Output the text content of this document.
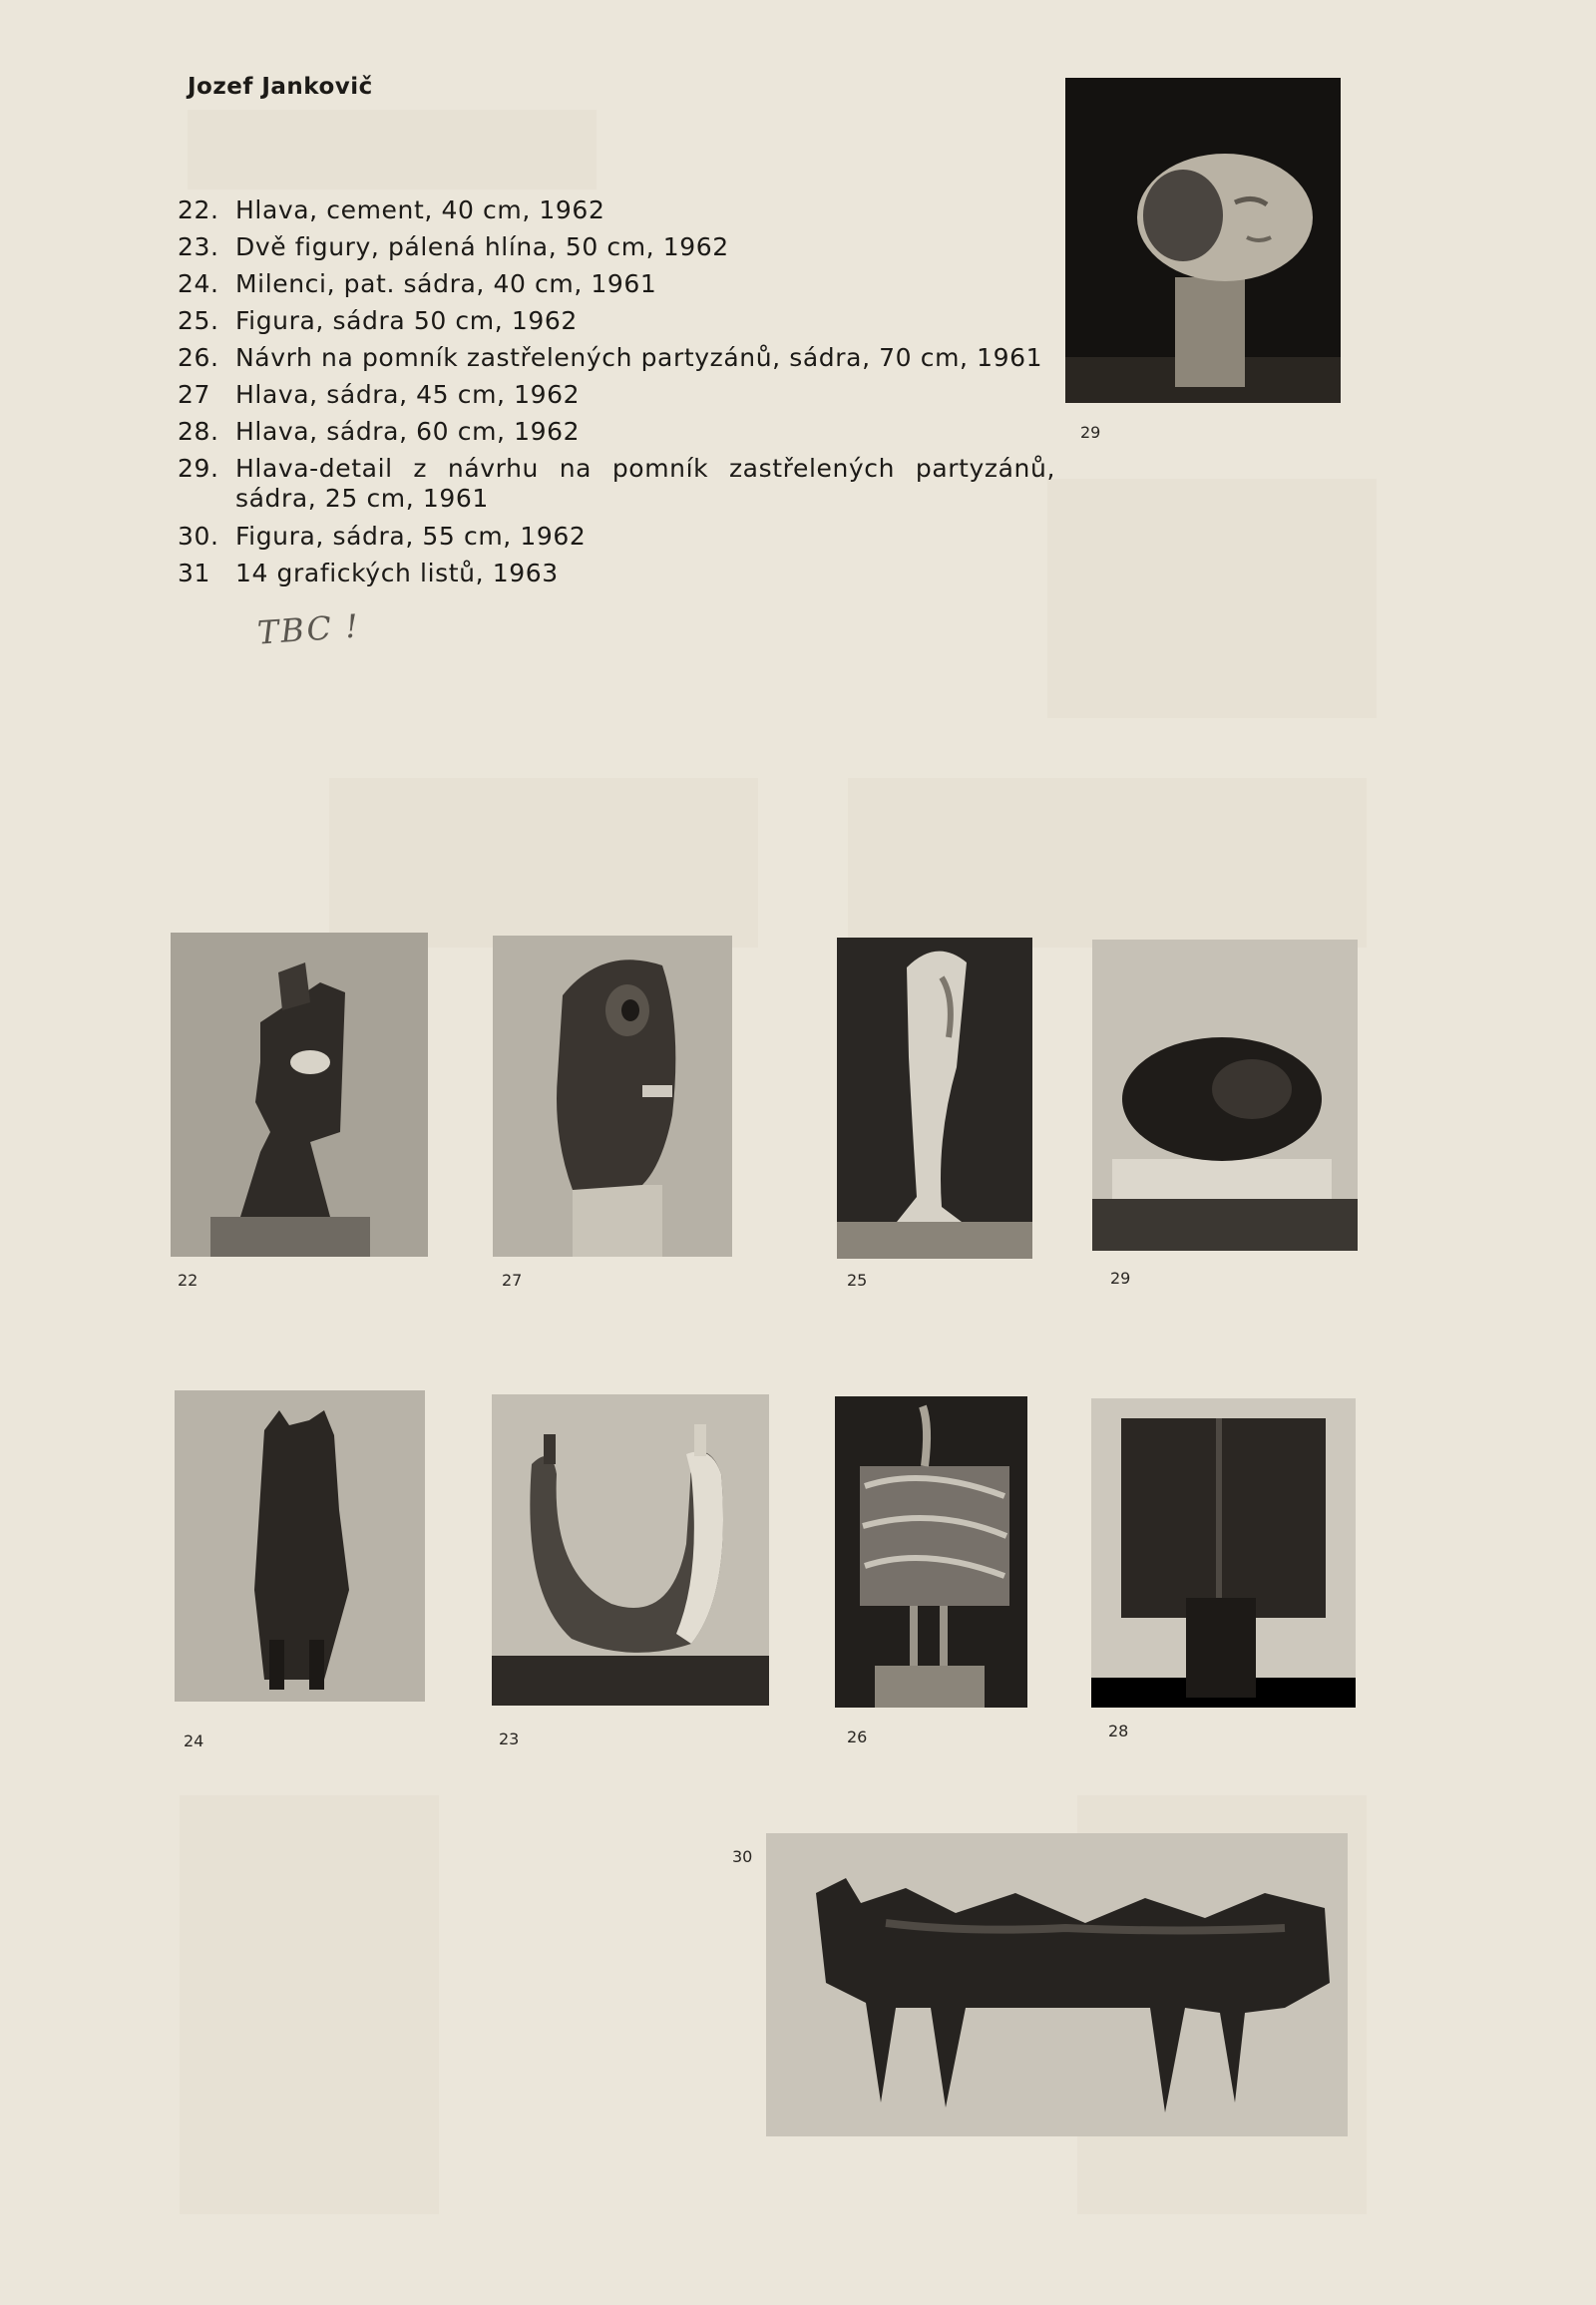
Jozef Jankovič
22. Hlava, cement, 40 cm, 1962
23. Dvě figury, pálená hlína, 50 cm, 1962
24. Milenci, pat. sádra, 40 cm, 1961
25. Figura, sádra 50 cm, 1962
26. Návrh na pomník zastřelených partyzánů, sádra, 70 cm, 1961
27 Hlava, sádra, 45 cm, 1962
28. Hlava, sádra, 60 cm, 1962
29. Hlava-detail z návrhu na pomník zastřelených partyzánů, sádra, 25 cm, 1961
30. Figura, sádra, 55 cm, 1962
31 14 grafických listů, 1963
TBC !
29
22	27	25	29
24	23	26	28
30
